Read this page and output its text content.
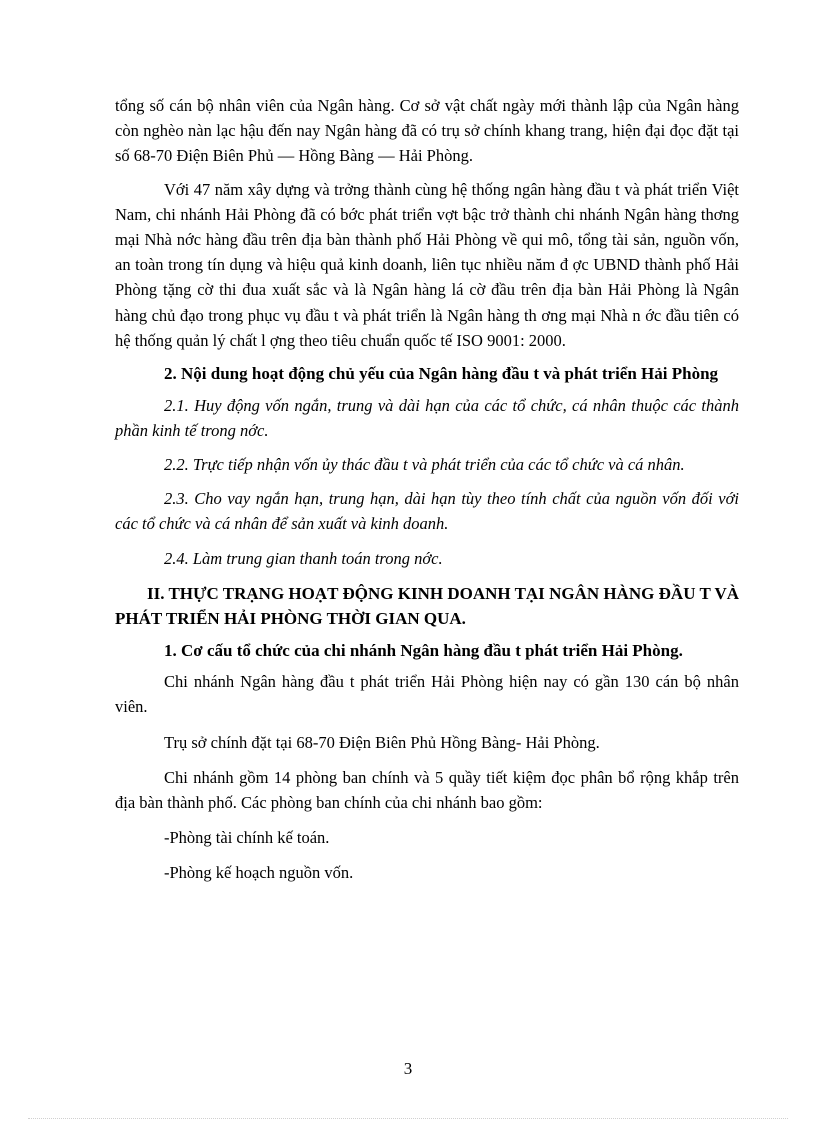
tổng số cán bộ nhân viên của Ngân hàng. Cơ sở vật chất ngày mới thành lập của Ngân hàng còn nghèo nàn lạc hậu đến nay Ngân hàng đã có trụ sở chính khang trang, hiện đại đọc đặt tại số 68-70 Điện Biên Phủ — Hồng Bàng — Hải Phòng.

Với 47 năm xây dựng và trởng thành cùng hệ thống ngân hàng đầu t và phát triển Việt Nam, chi nhánh Hải Phòng đã có bớc phát triển vợt bậc trở thành chi nhánh Ngân hàng thơng mại Nhà nớc hàng đầu trên địa bàn thành phố Hải Phòng về qui mô, tổng tài sản, nguồn vốn, an toàn trong tín dụng và hiệu quả kinh doanh, liên tục nhiều năm đ ợc UBND thành phố Hải Phòng tặng cờ thi đua xuất sắc và là Ngân hàng lá cờ đầu trên địa bàn Hải Phòng là Ngân hàng chủ đạo trong phục vụ đầu t và phát triển là Ngân hàng th ơng mại Nhà n ớc đầu tiên có hệ thống quản lý chất l ợng theo tiêu chuẩn quốc tế ISO 9001: 2000.

2. Nội dung hoạt động chủ yếu của Ngân hàng đầu t và phát triển Hải Phòng

2.1. Huy động vốn ngắn, trung và dài hạn của các tổ chức, cá nhân thuộc các thành phần kinh tế trong nớc.

2.2. Trực tiếp nhận vốn ủy thác đầu t và phát triển của các tổ chức và cá nhân.

2.3. Cho vay ngắn hạn, trung hạn, dài hạn tùy theo tính chất của nguồn vốn đối với các tổ chức và cá nhân để sản xuất và kinh doanh.

2.4. Làm trung gian thanh toán trong nớc.

II. THỰC TRẠNG HOẠT ĐỘNG KINH DOANH TẠI NGÂN HÀNG ĐẦU T VÀ PHÁT TRIỂN HẢI PHÒNG THỜI GIAN QUA.

1. Cơ cấu tổ chức của chi nhánh Ngân hàng đầu t phát triển Hải Phòng.

Chi nhánh Ngân hàng đầu t phát triển Hải Phòng hiện nay có gần 130 cán bộ nhân viên.

Trụ sở chính đặt tại 68-70 Điện Biên Phủ Hồng Bàng- Hải Phòng.

Chi nhánh gồm 14 phòng ban chính và 5 quầy tiết kiệm đọc phân bổ rộng khắp trên địa bàn thành phố. Các phòng ban chính của chi nhánh bao gồm:

-Phòng tài chính kế toán.

-Phòng kế hoạch nguồn vốn.

3
